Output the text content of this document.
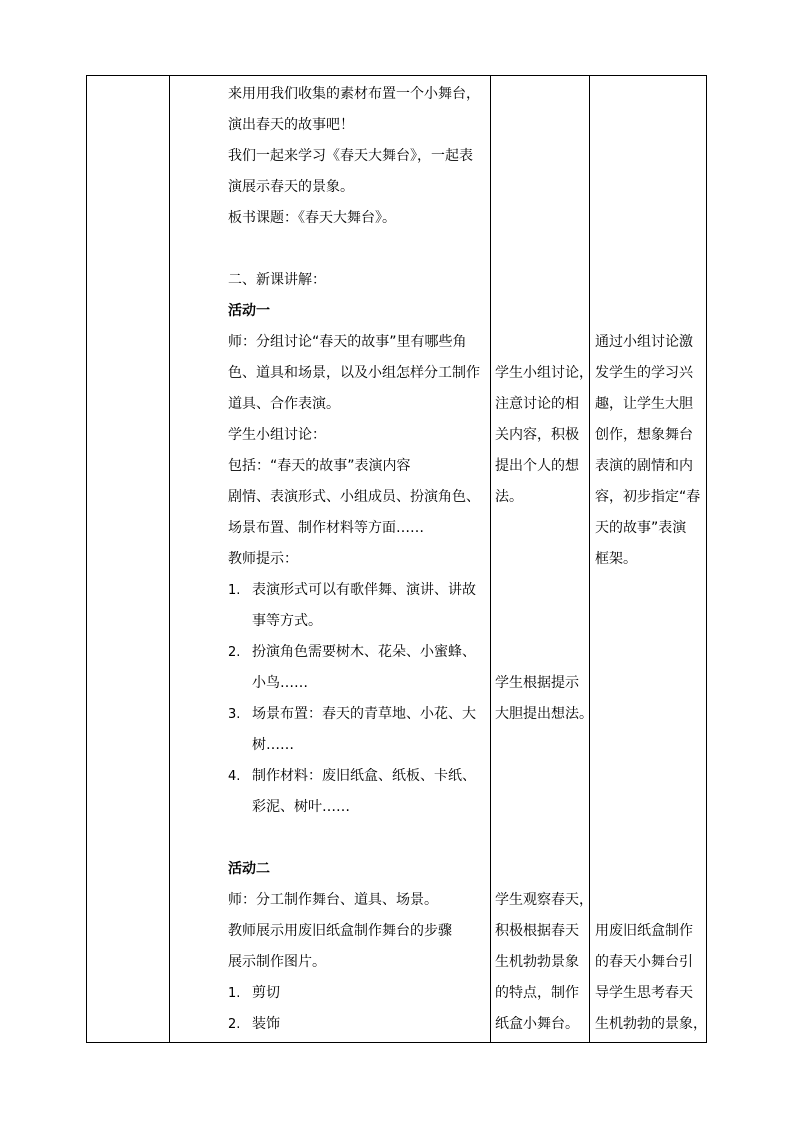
来用用我们收集的素材布置一个小舞台，
演出春天的故事吧！
我们一起来学习《春天大舞台》，一起表
演展示春天的景象。
板书课题：《春天大舞台》。
二、新课讲解：
活动一
师：分组讨论“春天的故事”里有哪些角
色、道具和场景，以及小组怎样分工制作
道具、合作表演。
学生小组讨论：
包括：“春天的故事”表演内容
剧情、表演形式、小组成员、扮演角色、
场景布置、制作材料等方面……
教师提示：
1. 表演形式可以有歌伴舞、演讲、讲故
事等方式。
2. 扮演角色需要树木、花朵、小蜜蜂、
小鸟……
3. 场景布置：春天的青草地、小花、大
树……
4. 制作材料：废旧纸盒、纸板、卡纸、
彩泥、树叶……
活动二
师：分工制作舞台、道具、场景。
教师展示用废旧纸盒制作舞台的步骤
展示制作图片。
1. 剪切
2. 装饰
学生小组讨论，
注意讨论的相
关内容，积极
提出个人的想
法。
学生根据提示
大胆提出想法。
学生观察春天，
积极根据春天
生机勃勃景象
的特点，制作
纸盒小舞台。
通过小组讨论激
发学生的学习兴
趣，让学生大胆
创作，想象舞台
表演的剧情和内
容，初步指定“春
天的故事”表演
框架。
用废旧纸盒制作
的春天小舞台引
导学生思考春天
生机勃勃的景象，
